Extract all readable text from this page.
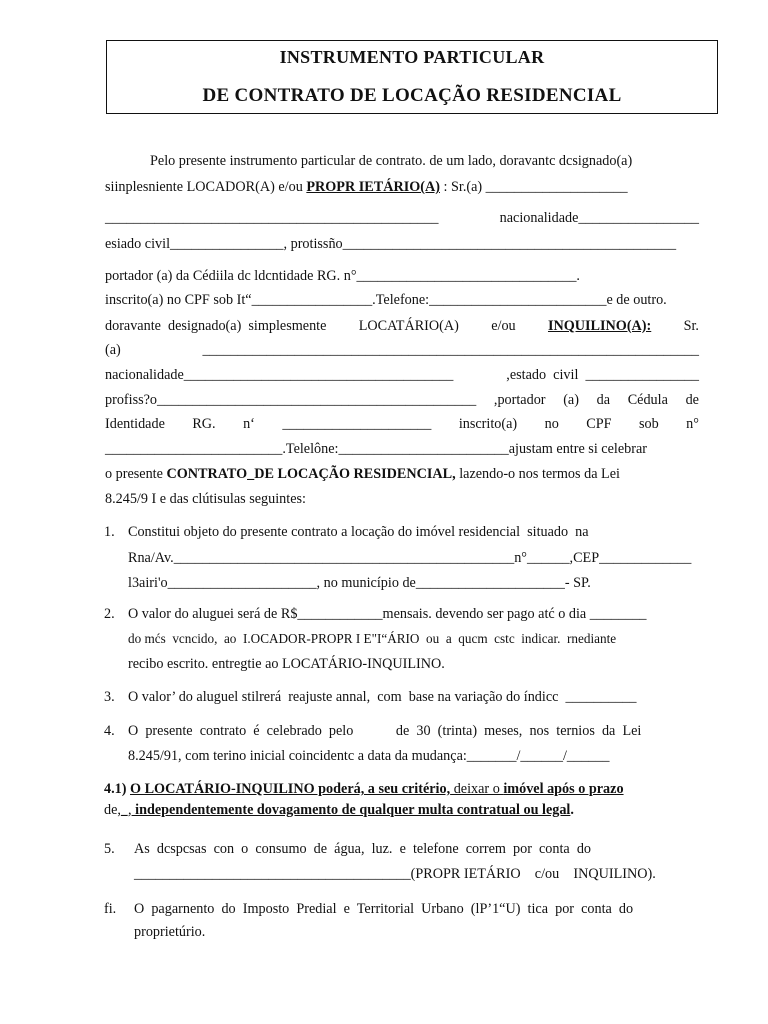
INSTRUMENTO PARTICULAR
DE CONTRATO DE LOCAÇÃO RESIDENCIAL
Pelo presente instrumento particular de contrato. de um lado, doravantc dcsignado(a)
siinplesniente LOCADOR(A) e/ou PROPR IETÁRIO(A) : Sr.(a) ____________________
_______________________________________________	nacionalidade_________________
esiado civil________________, protissño_______________________________________________
portador (a) da Cédiila dc ldcntidade RG. n°_______________________________.
inscrito(a) no CPF sob It“_________________.Telefone:_________________________e de outro.
doravante  designado(a)  simplesmente LOCATÁRIO(A) e/ou INQUILINO(A): Sr.
(a)	______________________________________________________________________
nacionalidade______________________________________	,estado  civil  ________________
profiss?o_____________________________________________ ,portador (a) da Cédula de
Identidade RG. n‘ _____________________ inscrito(a) no CPF sob n°
_________________________.Telelône:________________________ajustam entre si celebrar
o presente CONTRATO_DE LOCAÇÃO RESIDENCIAL, lazendo-o nos termos da Lei
8.245/9 I e das clútisulas seguintes:
1. Constitui objeto do presente contrato a locação do imóvel residencial  situado  na
Rna/Av.________________________________________________n°______,CEP_____________
l3airi'o_____________________, no município de_____________________- SP.
2. O valor do aluguei será de R$____________mensais. devendo ser pago atć o dia ________
do mćs  vcncido,  ao  I.OCADOR-PROPR I E"I“ÁRIO  ou  a  qucm  cstc  indicar.  rnediante
recibo escrito. entregtie ao LOCATÁRIO-INQUILINO.
3. O valor’ do aluguel stilrerá  reajuste annal,  com  base na variação do índicc  __________
4. O  presente  contrato  é  celebrado  pelo            de  30  (trinta)  meses,  nos  ternios  da  Lei
8.245/91, com terino inicial coincidentc a data da mudança:_______/______/______
4.1) O LOCATÁRIO-INQUILINO poderá, a seu critério, deixar o imóvel após o prazo
de,_, independentemente dovagamento de qualquer multa contratual ou legal.
5. As  dcspcsas  con  o  consumo  de  água,  luz.  e  telefone  correm  por  conta  do
_______________________________________(PROPR IETÁRIO    c/ou    INQUILINO).
fi. O  pagarnento  do  Imposto  Predial  e  Territorial  Urbano  (lP’1“U)  tica  por  conta  do
proprietúrio.
